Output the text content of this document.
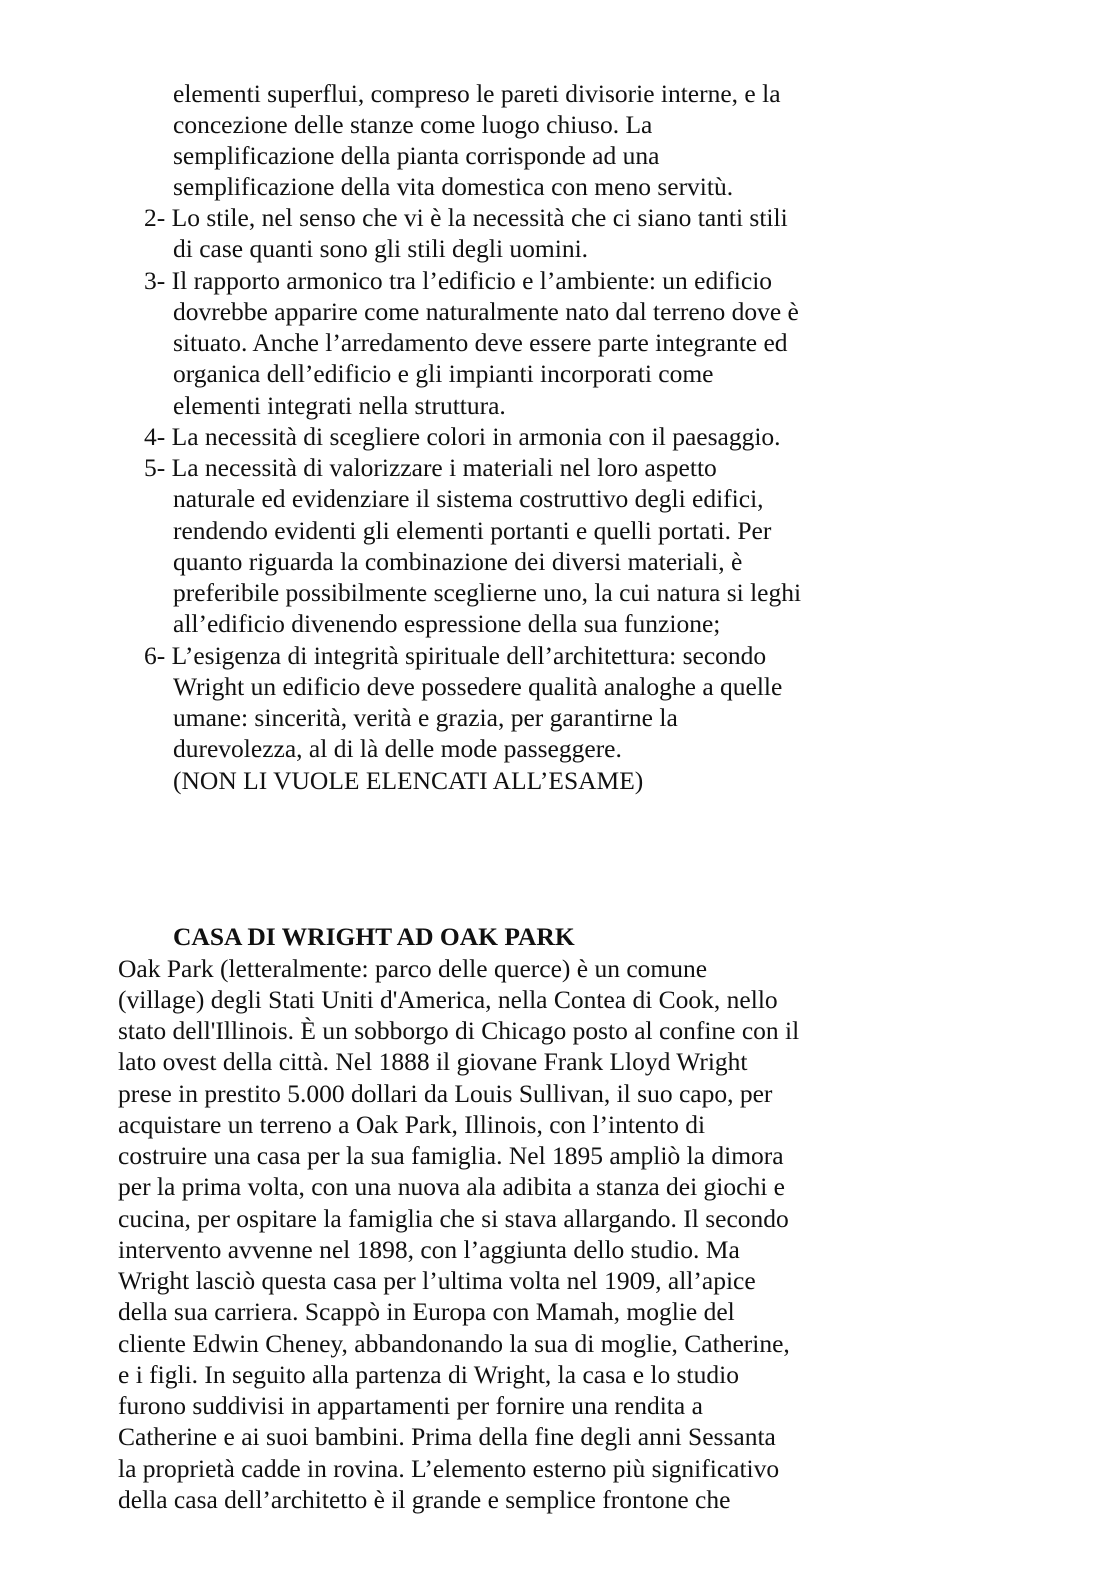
elementi superflui, compreso le pareti divisorie interne, e la

concezione delle stanze come luogo chiuso. La

semplificazione della pianta corrisponde ad una

semplificazione della vita domestica con meno servitù.

2- Lo stile, nel senso che vi è la necessità che ci siano tanti stili

di case quanti sono gli stili degli uomini.

3- Il rapporto armonico tra l’edificio e l’ambiente: un edificio

dovrebbe apparire come naturalmente nato dal terreno dove è

situato. Anche l’arredamento deve essere parte integrante ed

organica dell’edificio e gli impianti incorporati come

elementi integrati nella struttura.

4- La necessità di scegliere colori in armonia con il paesaggio.

5- La necessità di valorizzare i materiali nel loro aspetto

naturale ed evidenziare il sistema costruttivo degli edifici,

rendendo evidenti gli elementi portanti e quelli portati. Per

quanto riguarda la combinazione dei diversi materiali, è

preferibile possibilmente sceglierne uno, la cui natura si leghi

all’edificio divenendo espressione della sua funzione;

6- L’esigenza di integrità spirituale dell’architettura: secondo

Wright un edificio deve possedere qualità analoghe a quelle

umane: sincerità, verità e grazia, per garantirne la

durevolezza, al di là delle mode passeggere.

(NON LI VUOLE ELENCATI ALL’ESAME)

CASA DI WRIGHT AD OAK PARK

Oak Park (letteralmente: parco delle querce) è un comune

(village) degli Stati Uniti d'America, nella Contea di Cook, nello

stato dell'Illinois. È un sobborgo di Chicago posto al confine con il

lato ovest della città. Nel 1888 il giovane Frank Lloyd Wright

prese in prestito 5.000 dollari da Louis Sullivan, il suo capo, per

acquistare un terreno a Oak Park, Illinois, con l’intento di

costruire una casa per la sua famiglia. Nel 1895 ampliò la dimora

per la prima volta, con una nuova ala adibita a stanza dei giochi e

cucina, per ospitare la famiglia che si stava allargando. Il secondo

intervento avvenne nel 1898, con l’aggiunta dello studio. Ma

Wright lasciò questa casa per l’ultima volta nel 1909, all’apice

della sua carriera. Scappò in Europa con Mamah, moglie del

cliente Edwin Cheney, abbandonando la sua di moglie, Catherine,

e i figli. In seguito alla partenza di Wright, la casa e lo studio

furono suddivisi in appartamenti per fornire una rendita a

Catherine e ai suoi bambini. Prima della fine degli anni Sessanta

la proprietà cadde in rovina. L’elemento esterno più significativo

della casa dell’architetto è il grande e semplice frontone che
